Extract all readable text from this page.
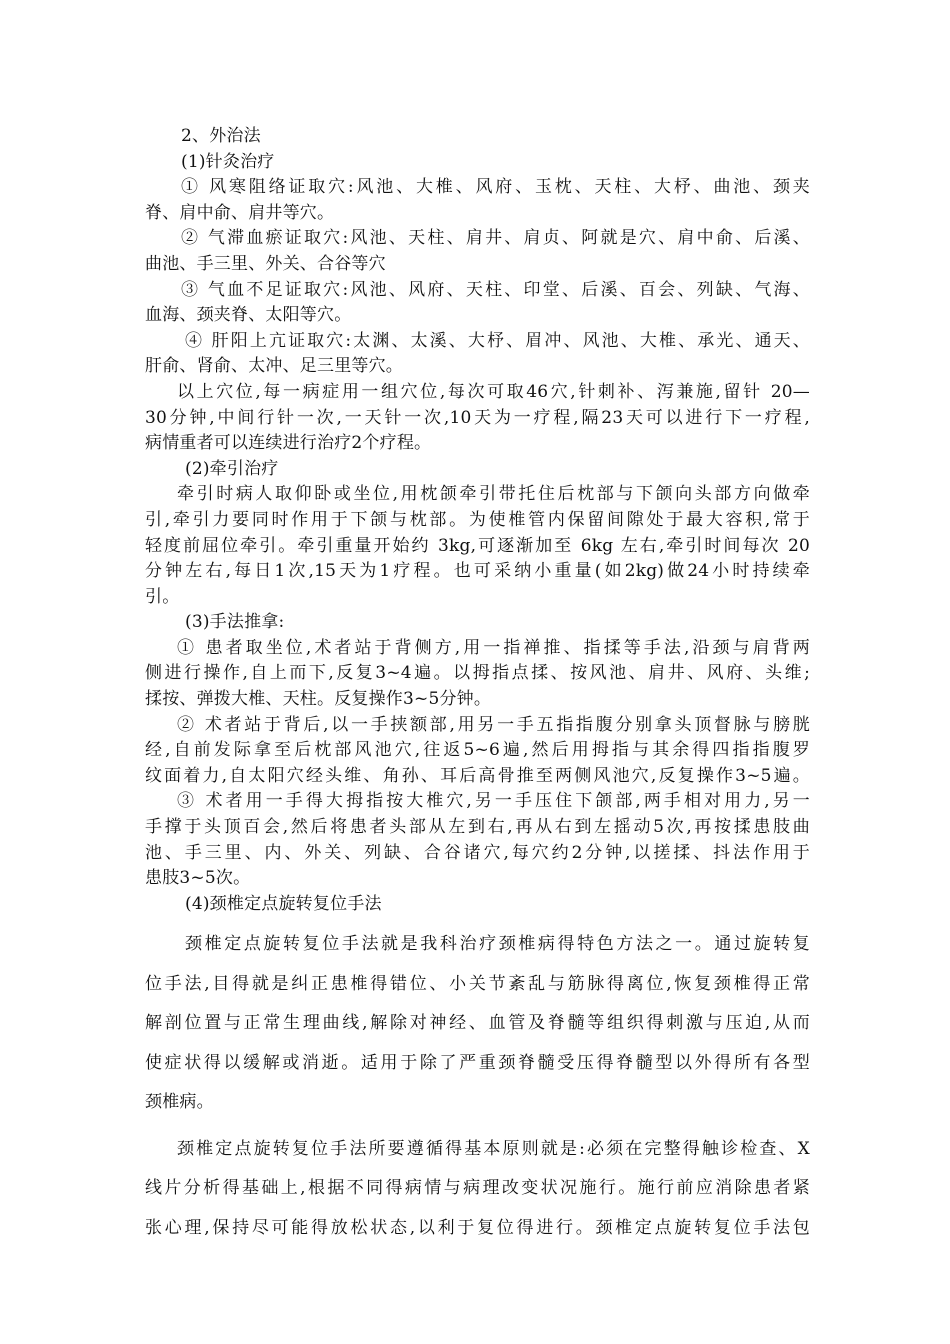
2、外治法
(1)针灸治疗
① 风寒阻络证取穴:风池、大椎、风府、玉枕、天柱、大杼、曲池、颈夹
脊、肩中俞、肩井等穴。
② 气滞血瘀证取穴:风池、天柱、肩井、肩贞、阿就是穴、肩中俞、后溪、
曲池、手三里、外关、合谷等穴
③ 气血不足证取穴:风池、风府、天柱、印堂、后溪、百会、列缺、气海、
血海、颈夹脊、太阳等穴。
④ 肝阳上亢证取穴:太渊、太溪、大杼、眉冲、风池、大椎、承光、通天、
肝俞、肾俞、太冲、足三里等穴。
以上穴位,每一病症用一组穴位,每次可取46穴,针刺补、泻兼施,留针 20—
30分钟,中间行针一次,一天针一次,10天为一疗程,隔23天可以进行下一疗程,
病情重者可以连续进行治疗2个疗程。
(2)牵引治疗
牵引时病人取仰卧或坐位,用枕颌牵引带托住后枕部与下颌向头部方向做牵
引,牵引力要同时作用于下颌与枕部。为使椎管内保留间隙处于最大容积,常于
轻度前屈位牵引。牵引重量开始约 3kg,可逐渐加至 6kg 左右,牵引时间每次 20
分钟左右,每日1次,15天为1疗程。也可采纳小重量(如2kg)做24小时持续牵
引。
(3)手法推拿:
① 患者取坐位,术者站于背侧方,用一指禅推、指揉等手法,沿颈与肩背两
侧进行操作,自上而下,反复3~4遍。以拇指点揉、按风池、肩井、风府、头维;
揉按、弹拨大椎、天柱。反复操作3~5分钟。
② 术者站于背后,以一手挟额部,用另一手五指指腹分别拿头顶督脉与膀胱
经,自前发际拿至后枕部风池穴,往返5~6遍,然后用拇指与其余得四指指腹罗
纹面着力,自太阳穴经头维、角孙、耳后高骨推至两侧风池穴,反复操作3~5遍。
③ 术者用一手得大拇指按大椎穴,另一手压住下颌部,两手相对用力,另一
手撑于头顶百会,然后将患者头部从左到右,再从右到左摇动5次,再按揉患肢曲
池、手三里、内、外关、列缺、合谷诸穴,每穴约2分钟,以搓揉、抖法作用于
患肢3~5次。
(4)颈椎定点旋转复位手法
颈椎定点旋转复位手法就是我科治疗颈椎病得特色方法之一。通过旋转复
位手法,目得就是纠正患椎得错位、小关节紊乱与筋脉得离位,恢复颈椎得正常
解剖位置与正常生理曲线,解除对神经、血管及脊髓等组织得刺激与压迫,从而
使症状得以缓解或消逝。适用于除了严重颈脊髓受压得脊髓型以外得所有各型
颈椎病。
颈椎定点旋转复位手法所要遵循得基本原则就是:必须在完整得触诊检查、X
线片分析得基础上,根据不同得病情与病理改变状况施行。施行前应消除患者紧
张心理,保持尽可能得放松状态,以利于复位得进行。颈椎定点旋转复位手法包
